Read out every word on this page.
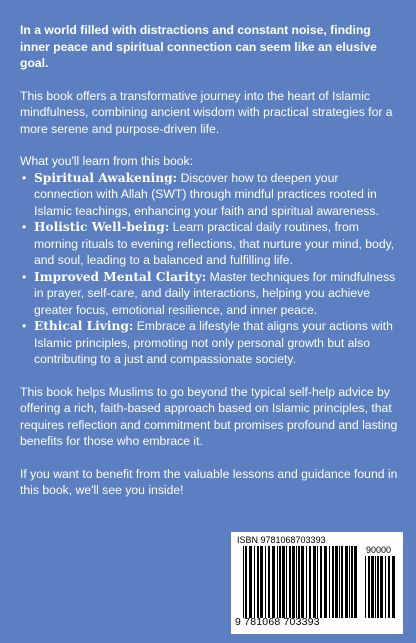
In a world filled with distractions and constant noise, finding inner peace and spiritual connection can seem like an elusive goal.

This book offers a transformative journey into the heart of Islamic mindfulness, combining ancient wisdom with practical strategies for a more serene and purpose-driven life.

What you'll learn from this book:

• Spiritual Awakening: Discover how to deepen your connection with Allah (SWT) through mindful practices rooted in Islamic teachings, enhancing your faith and spiritual awareness.
• Holistic Well-being: Learn practical daily routines, from morning rituals to evening reflections, that nurture your mind, body, and soul, leading to a balanced and fulfilling life.
• Improved Mental Clarity: Master techniques for mindfulness in prayer, self-care, and daily interactions, helping you achieve greater focus, emotional resilience, and inner peace.
• Ethical Living: Embrace a lifestyle that aligns your actions with Islamic principles, promoting not only personal growth but also contributing to a just and compassionate society.

This book helps Muslims to go beyond the typical self-help advice by offering a rich, faith-based approach based on Islamic principles, that requires reflection and commitment but promises profound and lasting benefits for those who embrace it.

If you want to benefit from the valuable lessons and guidance found in this book, we'll see you inside!

ISBN 9781068703393
90000
9 781068 703393
